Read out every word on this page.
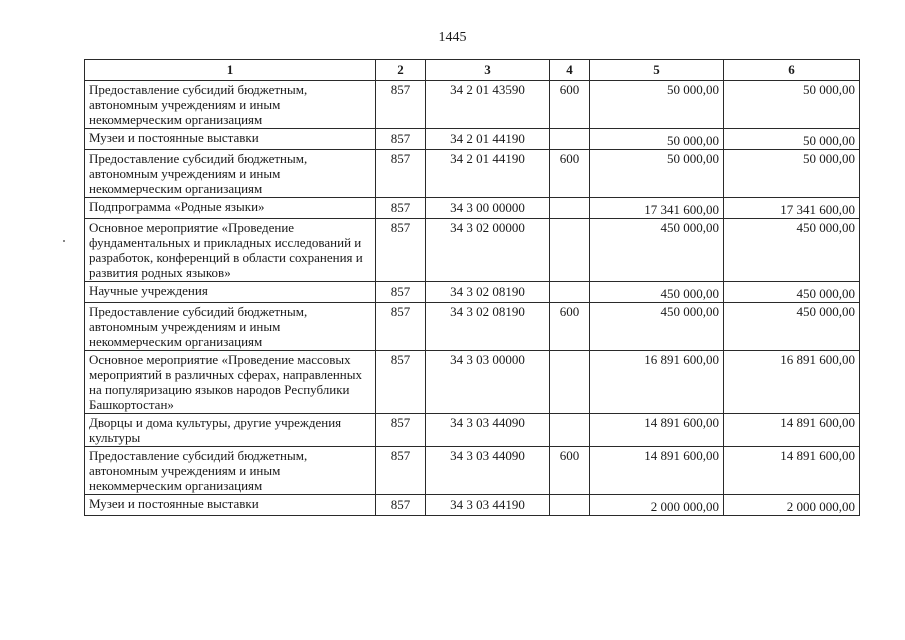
1445
1	2	3	4	5	6
Предоставление субсидий бюджетным, автономным учреждениям и иным некоммерческим организациям	857	34 2 01 43590	600	50 000,00	50 000,00
Музеи и постоянные выставки	857	34 2 01 44190		50 000,00	50 000,00
Предоставление субсидий бюджетным, автономным учреждениям и иным некоммерческим организациям	857	34 2 01 44190	600	50 000,00	50 000,00
Подпрограмма «Родные языки»	857	34 3 00 00000		17 341 600,00	17 341 600,00
Основное мероприятие «Проведение фундаментальных и прикладных исследований и разработок, конференций в области сохранения и развития родных языков»	857	34 3 02 00000		450 000,00	450 000,00
Научные учреждения	857	34 3 02 08190		450 000,00	450 000,00
Предоставление субсидий бюджетным, автономным учреждениям и иным некоммерческим организациям	857	34 3 02 08190	600	450 000,00	450 000,00
Основное мероприятие «Проведение массовых мероприятий в различных сферах, направленных на популяризацию языков народов Республики Башкортостан»	857	34 3 03 00000		16 891 600,00	16 891 600,00
Дворцы и дома культуры, другие учреждения культуры	857	34 3 03 44090		14 891 600,00	14 891 600,00
Предоставление субсидий бюджетным, автономным учреждениям и иным некоммерческим организациям	857	34 3 03 44090	600	14 891 600,00	14 891 600,00
Музеи и постоянные выставки	857	34 3 03 44190		2 000 000,00	2 000 000,00
